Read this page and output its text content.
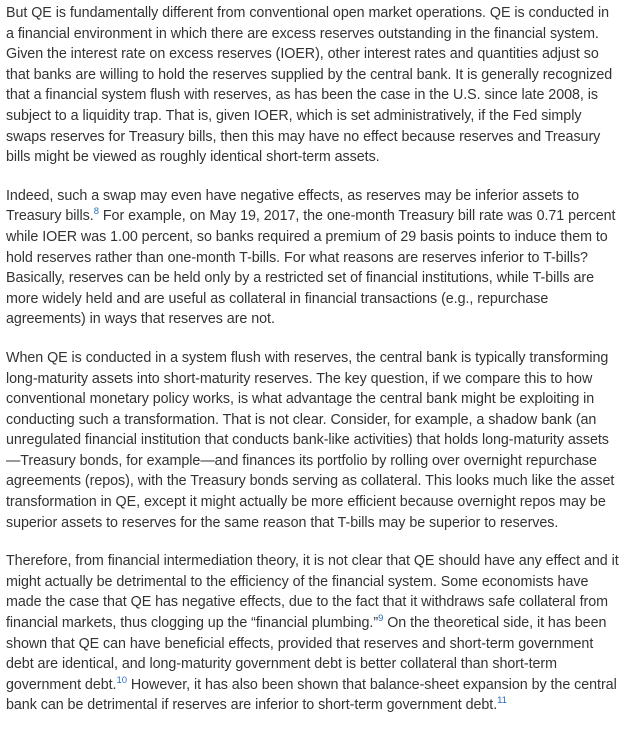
But QE is fundamentally different from conventional open market operations. QE is conducted in a financial environment in which there are excess reserves outstanding in the financial system. Given the interest rate on excess reserves (IOER), other interest rates and quantities adjust so that banks are willing to hold the reserves supplied by the central bank. It is generally recognized that a financial system flush with reserves, as has been the case in the U.S. since late 2008, is subject to a liquidity trap. That is, given IOER, which is set administratively, if the Fed simply swaps reserves for Treasury bills, then this may have no effect because reserves and Treasury bills might be viewed as roughly identical short-term assets.

Indeed, such a swap may even have negative effects, as reserves may be inferior assets to Treasury bills.$^8$ For example, on May 19, 2017, the one-month Treasury bill rate was 0.71 percent while IOER was 1.00 percent, so banks required a premium of 29 basis points to induce them to hold reserves rather than one-month T-bills. For what reasons are reserves inferior to T-bills? Basically, reserves can be held only by a restricted set of financial institutions, while T-bills are more widely held and are useful as collateral in financial transactions (e.g., repurchase agreements) in ways that reserves are not.

When QE is conducted in a system flush with reserves, the central bank is typically transforming long-maturity assets into short-maturity reserves. The key question, if we compare this to how conventional monetary policy works, is what advantage the central bank might be exploiting in conducting such a transformation. That is not clear. Consider, for example, a shadow bank (an unregulated financial institution that conducts bank-like activities) that holds long-maturity assets—Treasury bonds, for example—and finances its portfolio by rolling over overnight repurchase agreements (repos), with the Treasury bonds serving as collateral. This looks much like the asset transformation in QE, except it might actually be more efficient because overnight repos may be superior assets to reserves for the same reason that T-bills may be superior to reserves.

Therefore, from financial intermediation theory, it is not clear that QE should have any effect and it might actually be detrimental to the efficiency of the financial system. Some economists have made the case that QE has negative effects, due to the fact that it withdraws safe collateral from financial markets, thus clogging up the “financial plumbing.”$^9$ On the theoretical side, it has been shown that QE can have beneficial effects, provided that reserves and short-term government debt are identical, and long-maturity government debt is better collateral than short-term government debt.$^{10}$ However, it has also been shown that balance-sheet expansion by the central bank can be detrimental if reserves are inferior to short-term government debt.$^{11}$
